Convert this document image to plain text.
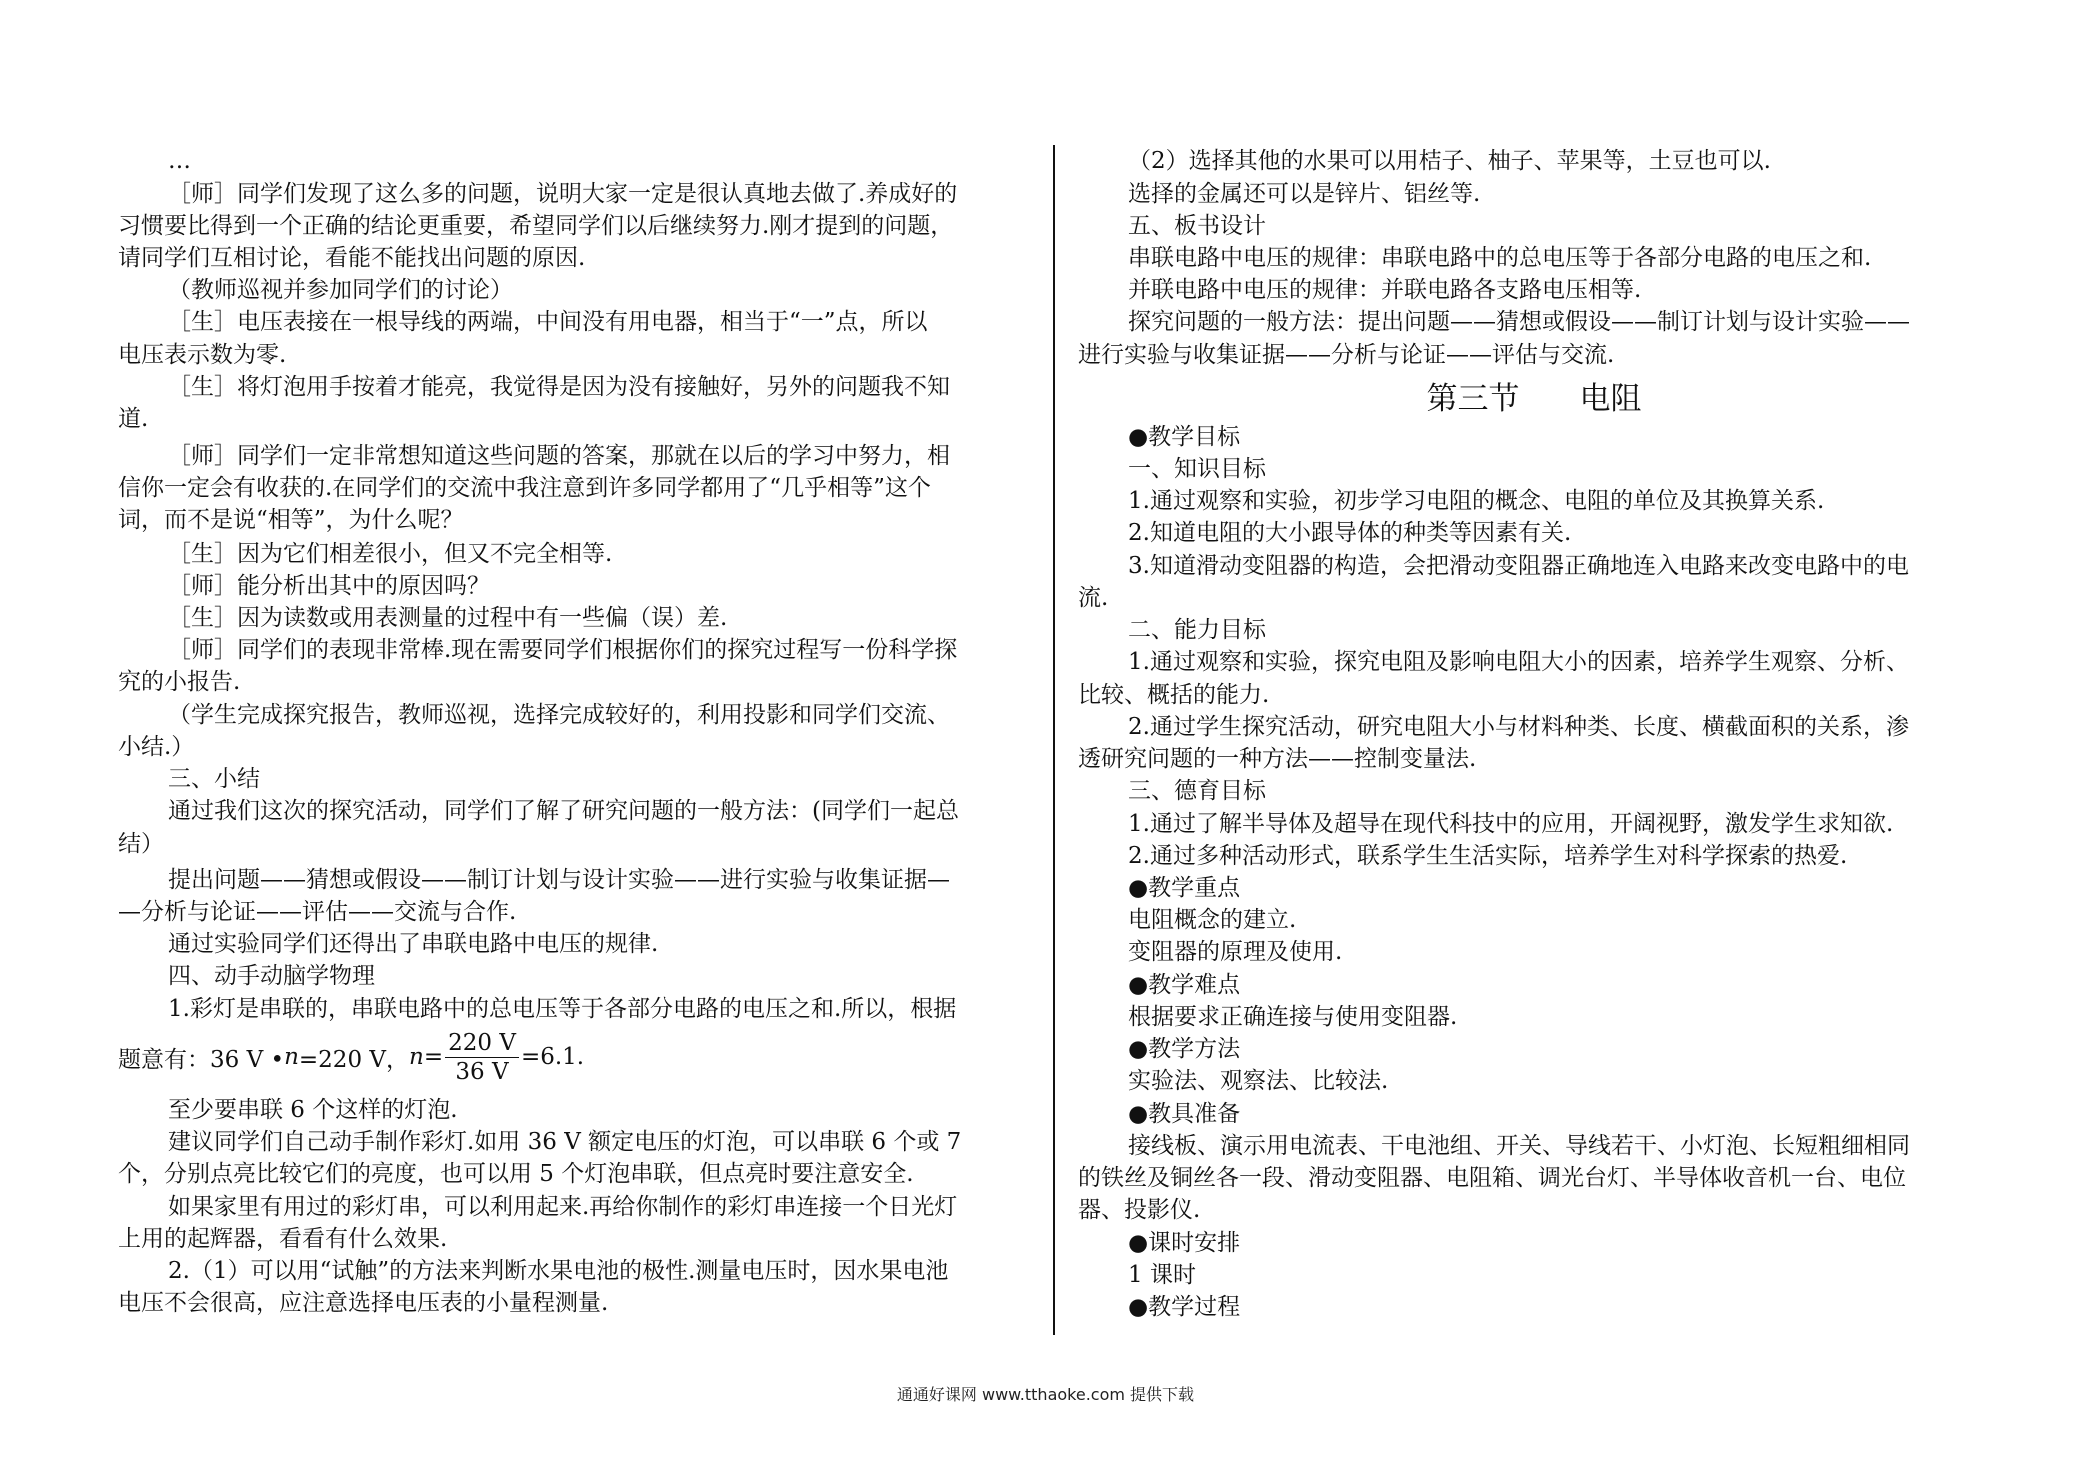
…
［师］同学们发现了这么多的问题，说明大家一定是很认真地去做了.养成好的
习惯要比得到一个正确的结论更重要，希望同学们以后继续努力.刚才提到的问题，
请同学们互相讨论，看能不能找出问题的原因.
（教师巡视并参加同学们的讨论）
［生］电压表接在一根导线的两端，中间没有用电器，相当于“一”点，所以
电压表示数为零.
［生］将灯泡用手按着才能亮，我觉得是因为没有接触好，另外的问题我不知
道.
［师］同学们一定非常想知道这些问题的答案，那就在以后的学习中努力，相
信你一定会有收获的.在同学们的交流中我注意到许多同学都用了“几乎相等”这个
词，而不是说“相等”，为什么呢？
［生］因为它们相差很小，但又不完全相等.
［师］能分析出其中的原因吗？
［生］因为读数或用表测量的过程中有一些偏（误）差.
［师］同学们的表现非常棒.现在需要同学们根据你们的探究过程写一份科学探
究的小报告.
（学生完成探究报告，教师巡视，选择完成较好的，利用投影和同学们交流、
小结.）
三、小结
通过我们这次的探究活动，同学们了解了研究问题的一般方法：(同学们一起总
结）
提出问题——猜想或假设——制订计划与设计实验——进行实验与收集证据—
—分析与论证——评估——交流与合作.
通过实验同学们还得出了串联电路中电压的规律.
四、动手动脑学物理
1.彩灯是串联的，串联电路中的总电压等于各部分电路的电压之和.所以，根据
题意有：36 V • n =220 V， $n = \frac{220 V}{36 V} =6.1$.
至少要串联 6 个这样的灯泡.
建议同学们自己动手制作彩灯.如用 36 V 额定电压的灯泡，可以串联 6 个或 7
个，分别点亮比较它们的亮度，也可以用 5 个灯泡串联，但点亮时要注意安全.
如果家里有用过的彩灯串，可以利用起来.再给你制作的彩灯串连接一个日光灯
上用的起辉器，看看有什么效果.
2.（1）可以用“试触”的方法来判断水果电池的极性.测量电压时，因水果电池
电压不会很高，应注意选择电压表的小量程测量.
（2）选择其他的水果可以用桔子、柚子、苹果等，土豆也可以.
选择的金属还可以是锌片、铝丝等.
五、板书设计
串联电路中电压的规律：串联电路中的总电压等于各部分电路的电压之和.
并联电路中电压的规律：并联电路各支路电压相等.
探究问题的一般方法：提出问题——猜想或假设——制订计划与设计实验——
进行实验与收集证据——分析与论证——评估与交流.
第三节 电阻
●教学目标
一、知识目标
1.通过观察和实验，初步学习电阻的概念、电阻的单位及其换算关系.
2.知道电阻的大小跟导体的种类等因素有关.
3.知道滑动变阻器的构造，会把滑动变阻器正确地连入电路来改变电路中的电
流.
二、能力目标
1.通过观察和实验，探究电阻及影响电阻大小的因素，培养学生观察、分析、
比较、概括的能力.
2.通过学生探究活动，研究电阻大小与材料种类、长度、横截面积的关系，渗
透研究问题的一种方法——控制变量法.
三、德育目标
1.通过了解半导体及超导在现代科技中的应用，开阔视野，激发学生求知欲.
2.通过多种活动形式，联系学生生活实际，培养学生对科学探索的热爱.
●教学重点
电阻概念的建立.
变阻器的原理及使用.
●教学难点
根据要求正确连接与使用变阻器.
●教学方法
实验法、观察法、比较法.
●教具准备
接线板、演示用电流表、干电池组、开关、导线若干、小灯泡、长短粗细相同
的铁丝及铜丝各一段、滑动变阻器、电阻箱、调光台灯、半导体收音机一台、电位
器、投影仪.
●课时安排
1 课时
●教学过程
通通好课网 www.tthaoke.com 提供下载
